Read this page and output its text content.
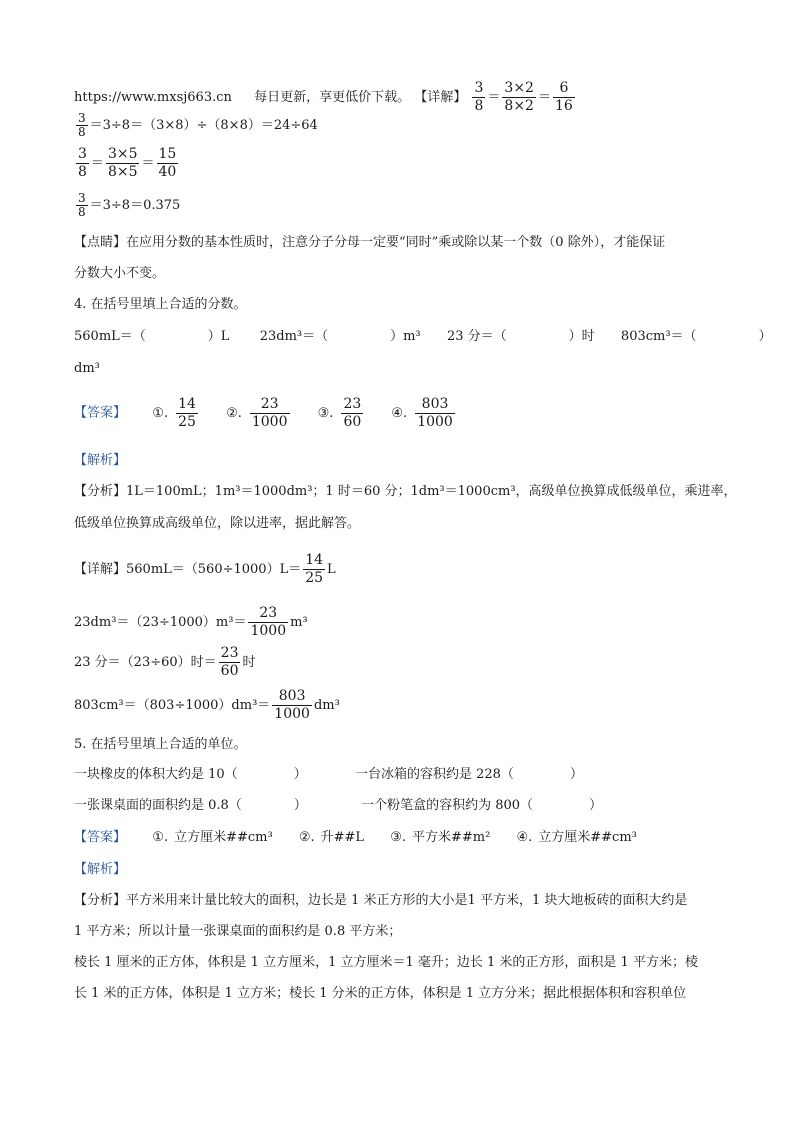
https://www.mxsj663.cn 每日更新，享更低价下载。 【详解】 $\frac{3}{8} = \frac{3\times 2}{8\times 2} = \frac{6}{16}$
$\frac{3}{8} =3\div 8=(3\times 8)\div(8\times 8)=24\div 64$
$\frac{3}{8} = \frac{3\times 5}{8\times 5} = \frac{15}{40}$
$\frac{3}{8} =3\div 8=0.375$
【点睛】在应用分数的基本性质时，注意分子分母一定要“同时”乘或除以某一个数（0 除外），才能保证
分数大小不变。
4. 在括号里填上合适的分数。
560mL＝（	）L 23dm³＝（	）m³ 23 分＝（	）时 803cm³＝（	）
dm³
【答案】 ①. $\frac{14}{25}$
②. $\frac{23}{1000}$
③. $\frac{23}{60}$
④. $\frac{803}{1000}$
【解析】
【分析】1L＝100mL；1m³＝1000dm³；1 时＝60 分；1dm³＝1000cm³，高级单位换算成低级单位，乘进率，
低级单位换算成高级单位，除以进率，据此解答。
【详解】$560mL=(560\div 1000)L= \frac{14}{25}$ L
$23dm^3=(23\div 1000)m^3= \frac{23}{1000} m^3$
23 分＝（23÷60）时＝ $\frac{23}{60}$ 时
$803cm^3=(803\div 1000)dm^3= \frac{803}{1000} dm^3$
5. 在括号里填上合适的单位。
一块橡皮的体积大约是 10（	）	一台冰箱的容积约是 228（	）
一张课桌面的面积约是 0.8（	）	一个粉笔盒的容积约为 800（	）
【答案】 ①. 立方厘米##cm³
②. 升##L
③. 平方米##m²
④. 立方厘米##cm³
【解析】
【分析】平方米用来计量比较大的面积，边长是 1 米正方形的大小是1 平方米，1 块大地板砖的面积大约是
1 平方米；所以计量一张课桌面的面积约是 0.8 平方米；
棱长 1 厘米的正方体，体积是 1 立方厘米，1 立方厘米＝1 毫升；边长 1 米的正方形，面积是 1 平方米；棱
长 1 米的正方体，体积是 1 立方米；棱长 1 分米的正方体，体积是 1 立方分米；据此根据体积和容积单位
